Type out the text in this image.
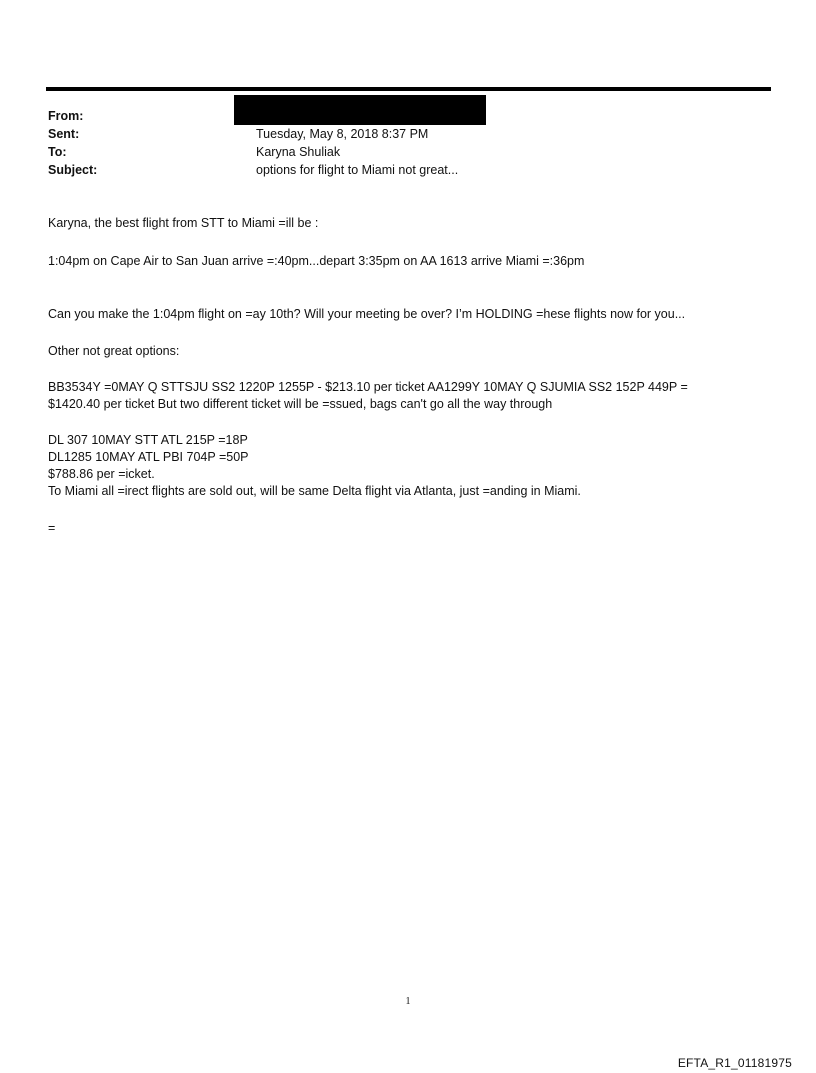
From:
Sent:	Tuesday, May 8, 2018 8:37 PM
To:	Karyna Shuliak
Subject:	options for flight to Miami not great...
Karyna, the best flight from STT to Miami =ill be :
1:04pm on Cape Air to San Juan arrive =:40pm...depart 3:35pm on AA 1613 arrive Miami =:36pm
Can you make the 1:04pm flight on =ay 10th? Will your meeting be over? I’m HOLDING =hese flights now for you...
Other not great options:
BB3534Y =0MAY Q STTSJU SS2 1220P 1255P - $213.10 per ticket AA1299Y 10MAY Q SJUMIA SS2 152P 449P =
$1420.40 per ticket But two different ticket will be =ssued, bags can't go all the way through
DL 307 10MAY STT ATL 215P =18P
DL1285 10MAY ATL PBI 704P =50P
$788.86 per =icket.
To Miami all =irect flights are sold out, will be same Delta flight via Atlanta, just =anding in Miami.
=
1
EFTA_R1_01181975
